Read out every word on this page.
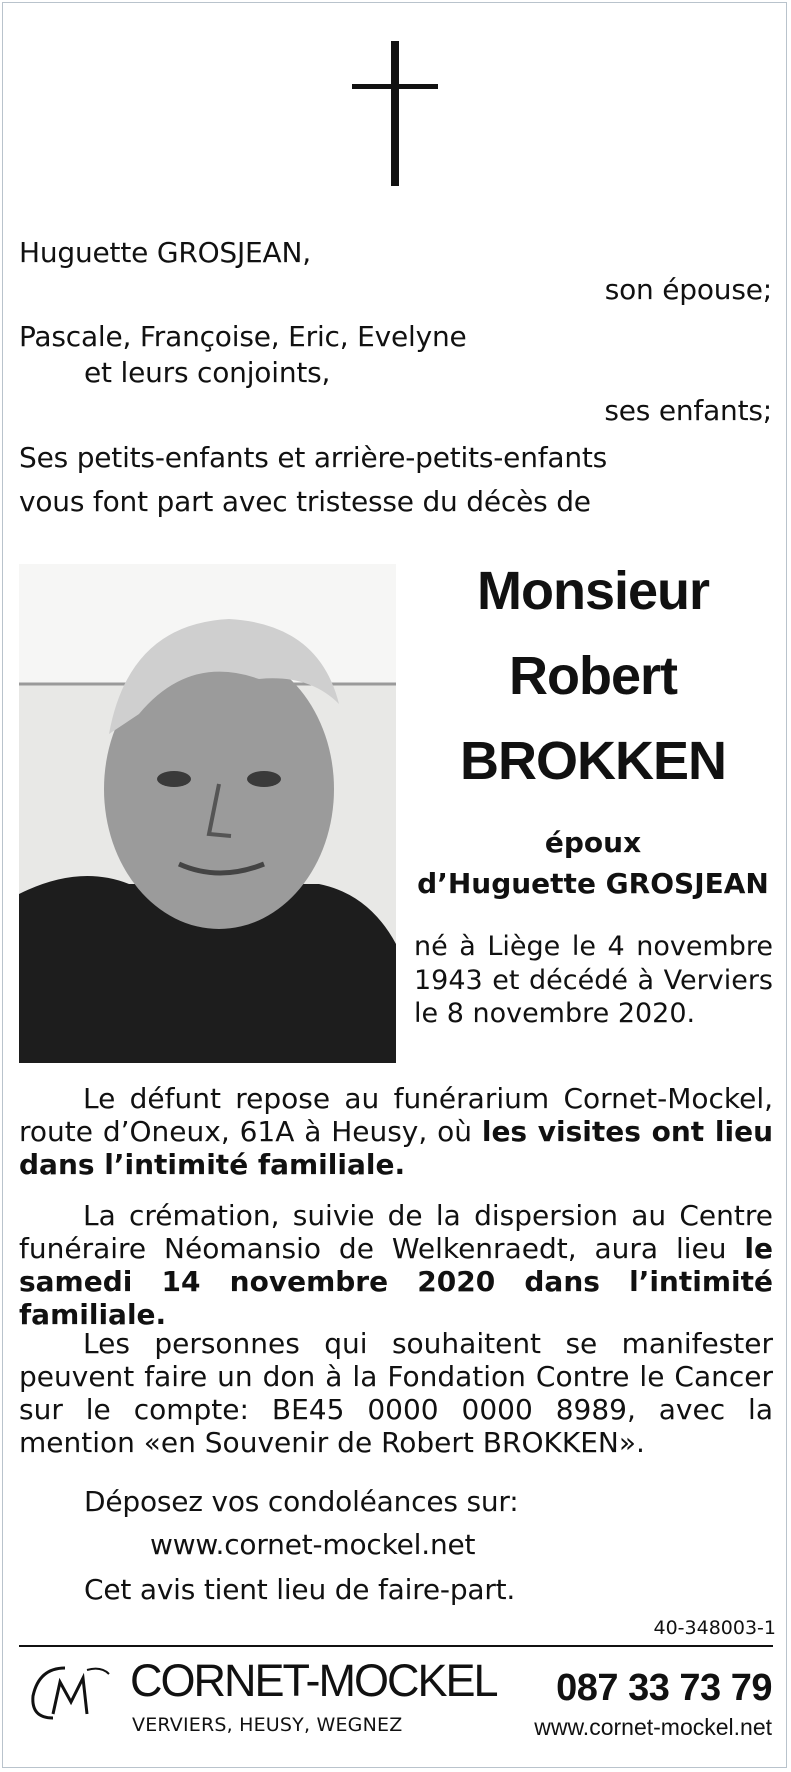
Huguette GROSJEAN,
son épouse;
Pascale, Françoise, Eric, Evelyne
et leurs conjoints,
ses enfants;
Ses petits-enfants et arrière-petits-enfants
vous font part avec tristesse du décès de
Monsieur
Robert
BROKKEN
époux
d’Huguette GROSJEAN
né à Liège le 4 novembre 1943 et décédé à Verviers le 8 novembre 2020.
Le défunt repose au funérarium Cornet-Mockel, route d’Oneux, 61A à Heusy, où les visites ont lieu dans l’intimité familiale.
La crémation, suivie de la dispersion au Centre funéraire Néomansio de Welkenraedt, aura lieu le samedi 14 novembre 2020 dans l’intimité familiale.
Les personnes qui souhaitent se manifester peuvent faire un don à la Fondation Contre le Cancer sur le compte: BE45 0000 0000 8989, avec la mention «en Souvenir de Robert BROKKEN».
Déposez vos condoléances sur:
www.cornet-mockel.net
Cet avis tient lieu de faire-part.
40-348003-1
CORNET-MOCKEL
VERVIERS, HEUSY, WEGNEZ
087 33 73 79
www.cornet-mockel.net
